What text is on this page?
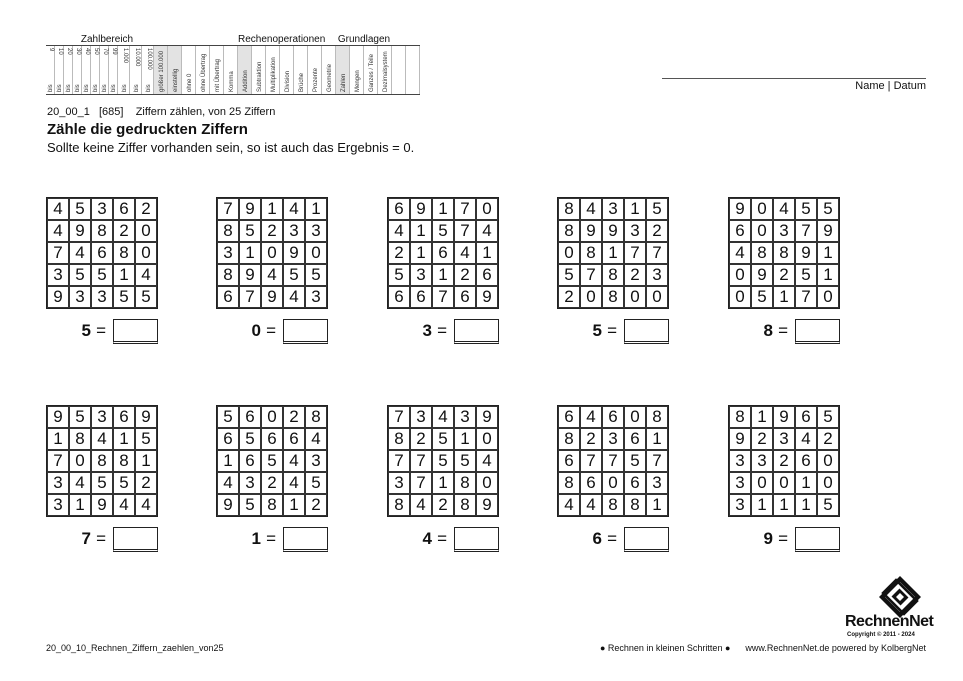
9
bis
10
bis
20
bis
30
bis
40
bis
50
bis
70
bis
99
bis
1.000
bis
10.000
bis
100.000
bis größer 100.000 einstellig ohne 0 ohne Übertrag mit Übertrag Komma Addition Subtraktion Multiplikation Division Brüche Prozente Geometrie Zahlen Mengen Ganzes / Teile Dezimalsystem
Zahlbereich	Rechenoperationen Grundlagen
Name | Datum
20_00_1 [685] Ziffern zählen, von 25 Ziffern
Zähle die gedruckten Ziffern
Sollte keine Ziffer vorhanden sein, so ist auch das Ergebnis = 0.
4 5 3 6 2
4 9 8 2 0
7 4 6 8 0
3 5 5 1 4
9 3 3 5 5
5 =
7 9 1 4 1
8 5 2 3 3
3 1 0 9 0
8 9 4 5 5
6 7 9 4 3
0 =
6 9 1 7 0
4 1 5 7 4
2 1 6 4 1
5 3 1 2 6
6 6 7 6 9
3 =
8 4 3 1 5
8 9 9 3 2
0 8 1 7 7
5 7 8 2 3
2 0 8 0 0
5 =
9 0 4 5 5
6 0 3 7 9
4 8 8 9 1
0 9 2 5 1
0 5 1 7 0
8 =
9 5 3 6 9
1 8 4 1 5
7 0 8 8 1
3 4 5 5 2
3 1 9 4 4
7 =
5 6 0 2 8
6 5 6 6 4
1 6 5 4 3
4 3 2 4 5
9 5 8 1 2
1 =
7 3 4 3 9
8 2 5 1 0
7 7 5 5 4
3 7 1 8 0
8 4 2 8 9
4 =
6 4 6 0 8
8 2 3 6 1
6 7 7 5 7
8 6 0 6 3
4 4 8 8 1
6 =
8 1 9 6 5
9 2 3 4 2
3 3 2 6 0
3 0 0 1 0
3 1 1 1 5
9 =
20_00_10_Rechnen_Ziffern_zaehlen_von25	● Rechnen in kleinen Schritten ●      www.RechnenNet.de powered by KolbergNet
RechnenNet
Copyright © 2011 - 2024
